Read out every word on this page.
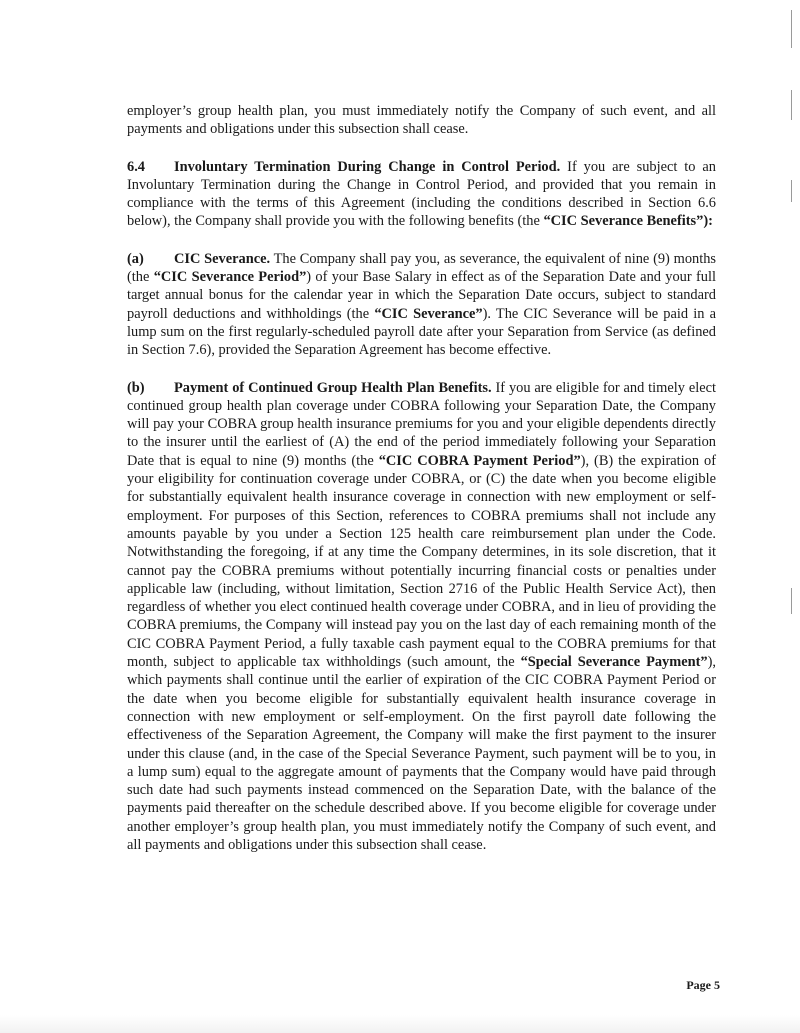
employer’s group health plan, you must immediately notify the Company of such event, and all payments and obligations under this subsection shall cease.

6.4 Involuntary Termination During Change in Control Period. If you are subject to an Involuntary Termination during the Change in Control Period, and provided that you remain in compliance with the terms of this Agreement (including the conditions described in Section 6.6 below), the Company shall provide you with the following benefits (the “CIC Severance Benefits”):

(a) CIC Severance. The Company shall pay you, as severance, the equivalent of nine (9) months (the “CIC Severance Period”) of your Base Salary in effect as of the Separation Date and your full target annual bonus for the calendar year in which the Separation Date occurs, subject to standard payroll deductions and withholdings (the “CIC Severance”). The CIC Severance will be paid in a lump sum on the first regularly-scheduled payroll date after your Separation from Service (as defined in Section 7.6), provided the Separation Agreement has become effective.

(b) Payment of Continued Group Health Plan Benefits. If you are eligible for and timely elect continued group health plan coverage under COBRA following your Separation Date, the Company will pay your COBRA group health insurance premiums for you and your eligible dependents directly to the insurer until the earliest of (A) the end of the period immediately following your Separation Date that is equal to nine (9) months (the “CIC COBRA Payment Period”), (B) the expiration of your eligibility for continuation coverage under COBRA, or (C) the date when you become eligible for substantially equivalent health insurance coverage in connection with new employment or self-employment. For purposes of this Section, references to COBRA premiums shall not include any amounts payable by you under a Section 125 health care reimbursement plan under the Code. Notwithstanding the foregoing, if at any time the Company determines, in its sole discretion, that it cannot pay the COBRA premiums without potentially incurring financial costs or penalties under applicable law (including, without limitation, Section 2716 of the Public Health Service Act), then regardless of whether you elect continued health coverage under COBRA, and in lieu of providing the COBRA premiums, the Company will instead pay you on the last day of each remaining month of the CIC COBRA Payment Period, a fully taxable cash payment equal to the COBRA premiums for that month, subject to applicable tax withholdings (such amount, the “Special Severance Payment”), which payments shall continue until the earlier of expiration of the CIC COBRA Payment Period or the date when you become eligible for substantially equivalent health insurance coverage in connection with new employment or self-employment. On the first payroll date following the effectiveness of the Separation Agreement, the Company will make the first payment to the insurer under this clause (and, in the case of the Special Severance Payment, such payment will be to you, in a lump sum) equal to the aggregate amount of payments that the Company would have paid through such date had such payments instead commenced on the Separation Date, with the balance of the payments paid thereafter on the schedule described above. If you become eligible for coverage under another employer’s group health plan, you must immediately notify the Company of such event, and all payments and obligations under this subsection shall cease.

Page 5
